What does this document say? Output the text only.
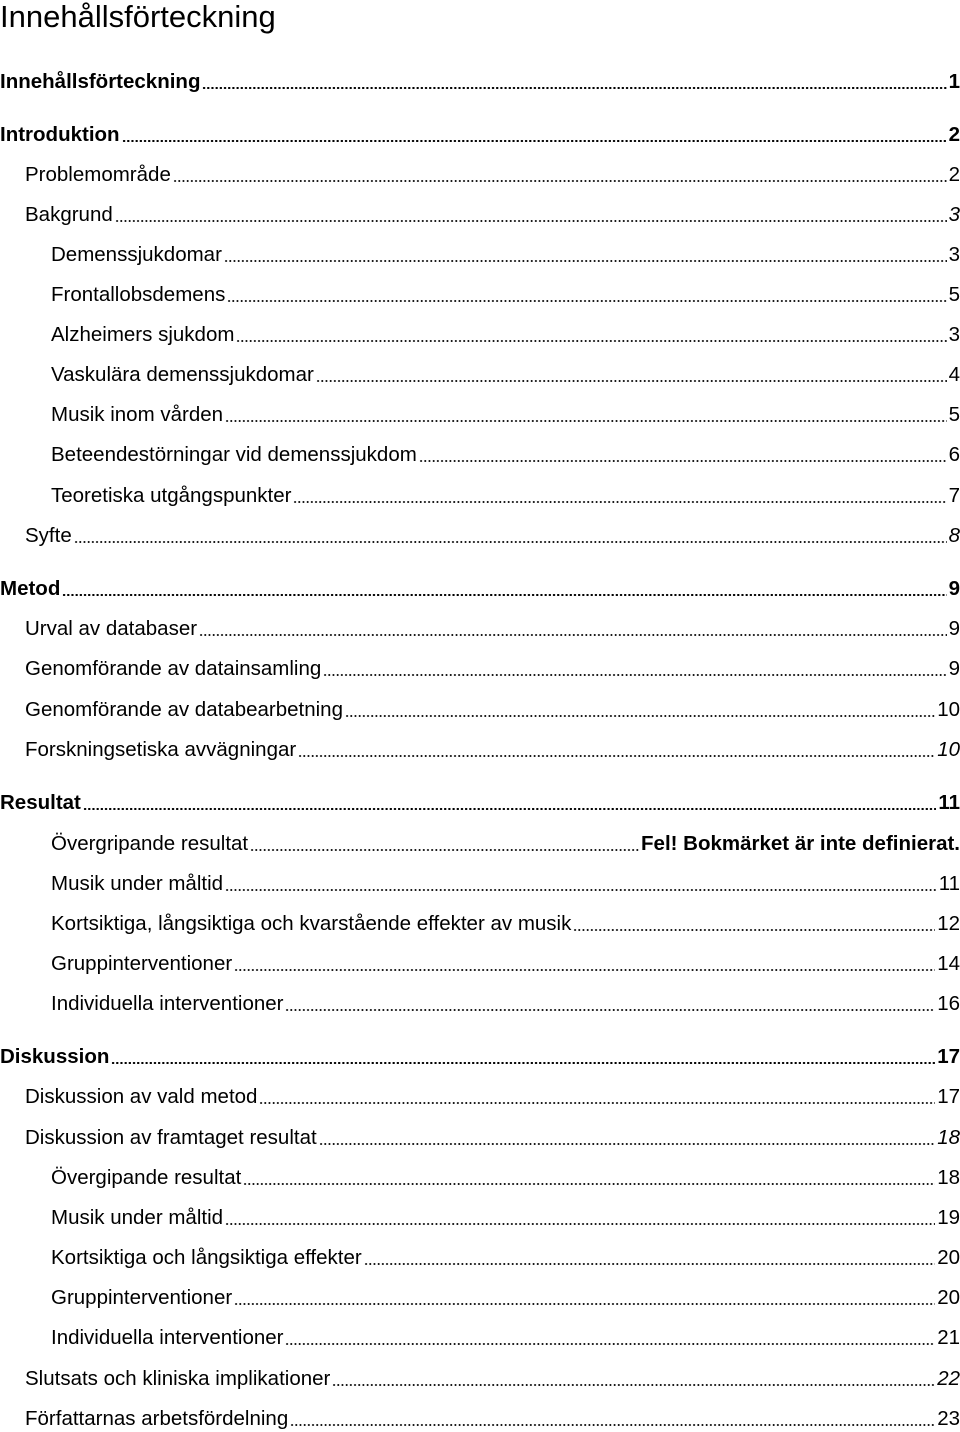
Innehållsförteckning
Innehållsförteckning	1
Introduktion	2
Problemområde	2
Bakgrund	3
Demenssjukdomar	3
Frontallobsdemens	5
Alzheimers sjukdom	3
Vaskulära demenssjukdomar	4
Musik inom vården	5
Beteendestörningar vid demenssjukdom	6
Teoretiska utgångspunkter	7
Syfte	8
Metod	9
Urval av databaser	9
Genomförande av datainsamling	9
Genomförande av databearbetning	10
Forskningsetiska avvägningar	10
Resultat	11
Övergripande resultat	Fel! Bokmärket är inte definierat.
Musik under måltid	11
Kortsiktiga, långsiktiga och kvarstående effekter av musik	12
Gruppinterventioner	14
Individuella interventioner	16
Diskussion	17
Diskussion av vald metod	17
Diskussion av framtaget resultat	18
Övergipande resultat	18
Musik under måltid	19
Kortsiktiga och långsiktiga effekter	20
Gruppinterventioner	20
Individuella interventioner	21
Slutsats och kliniska implikationer	22
Författarnas arbetsfördelning	23
